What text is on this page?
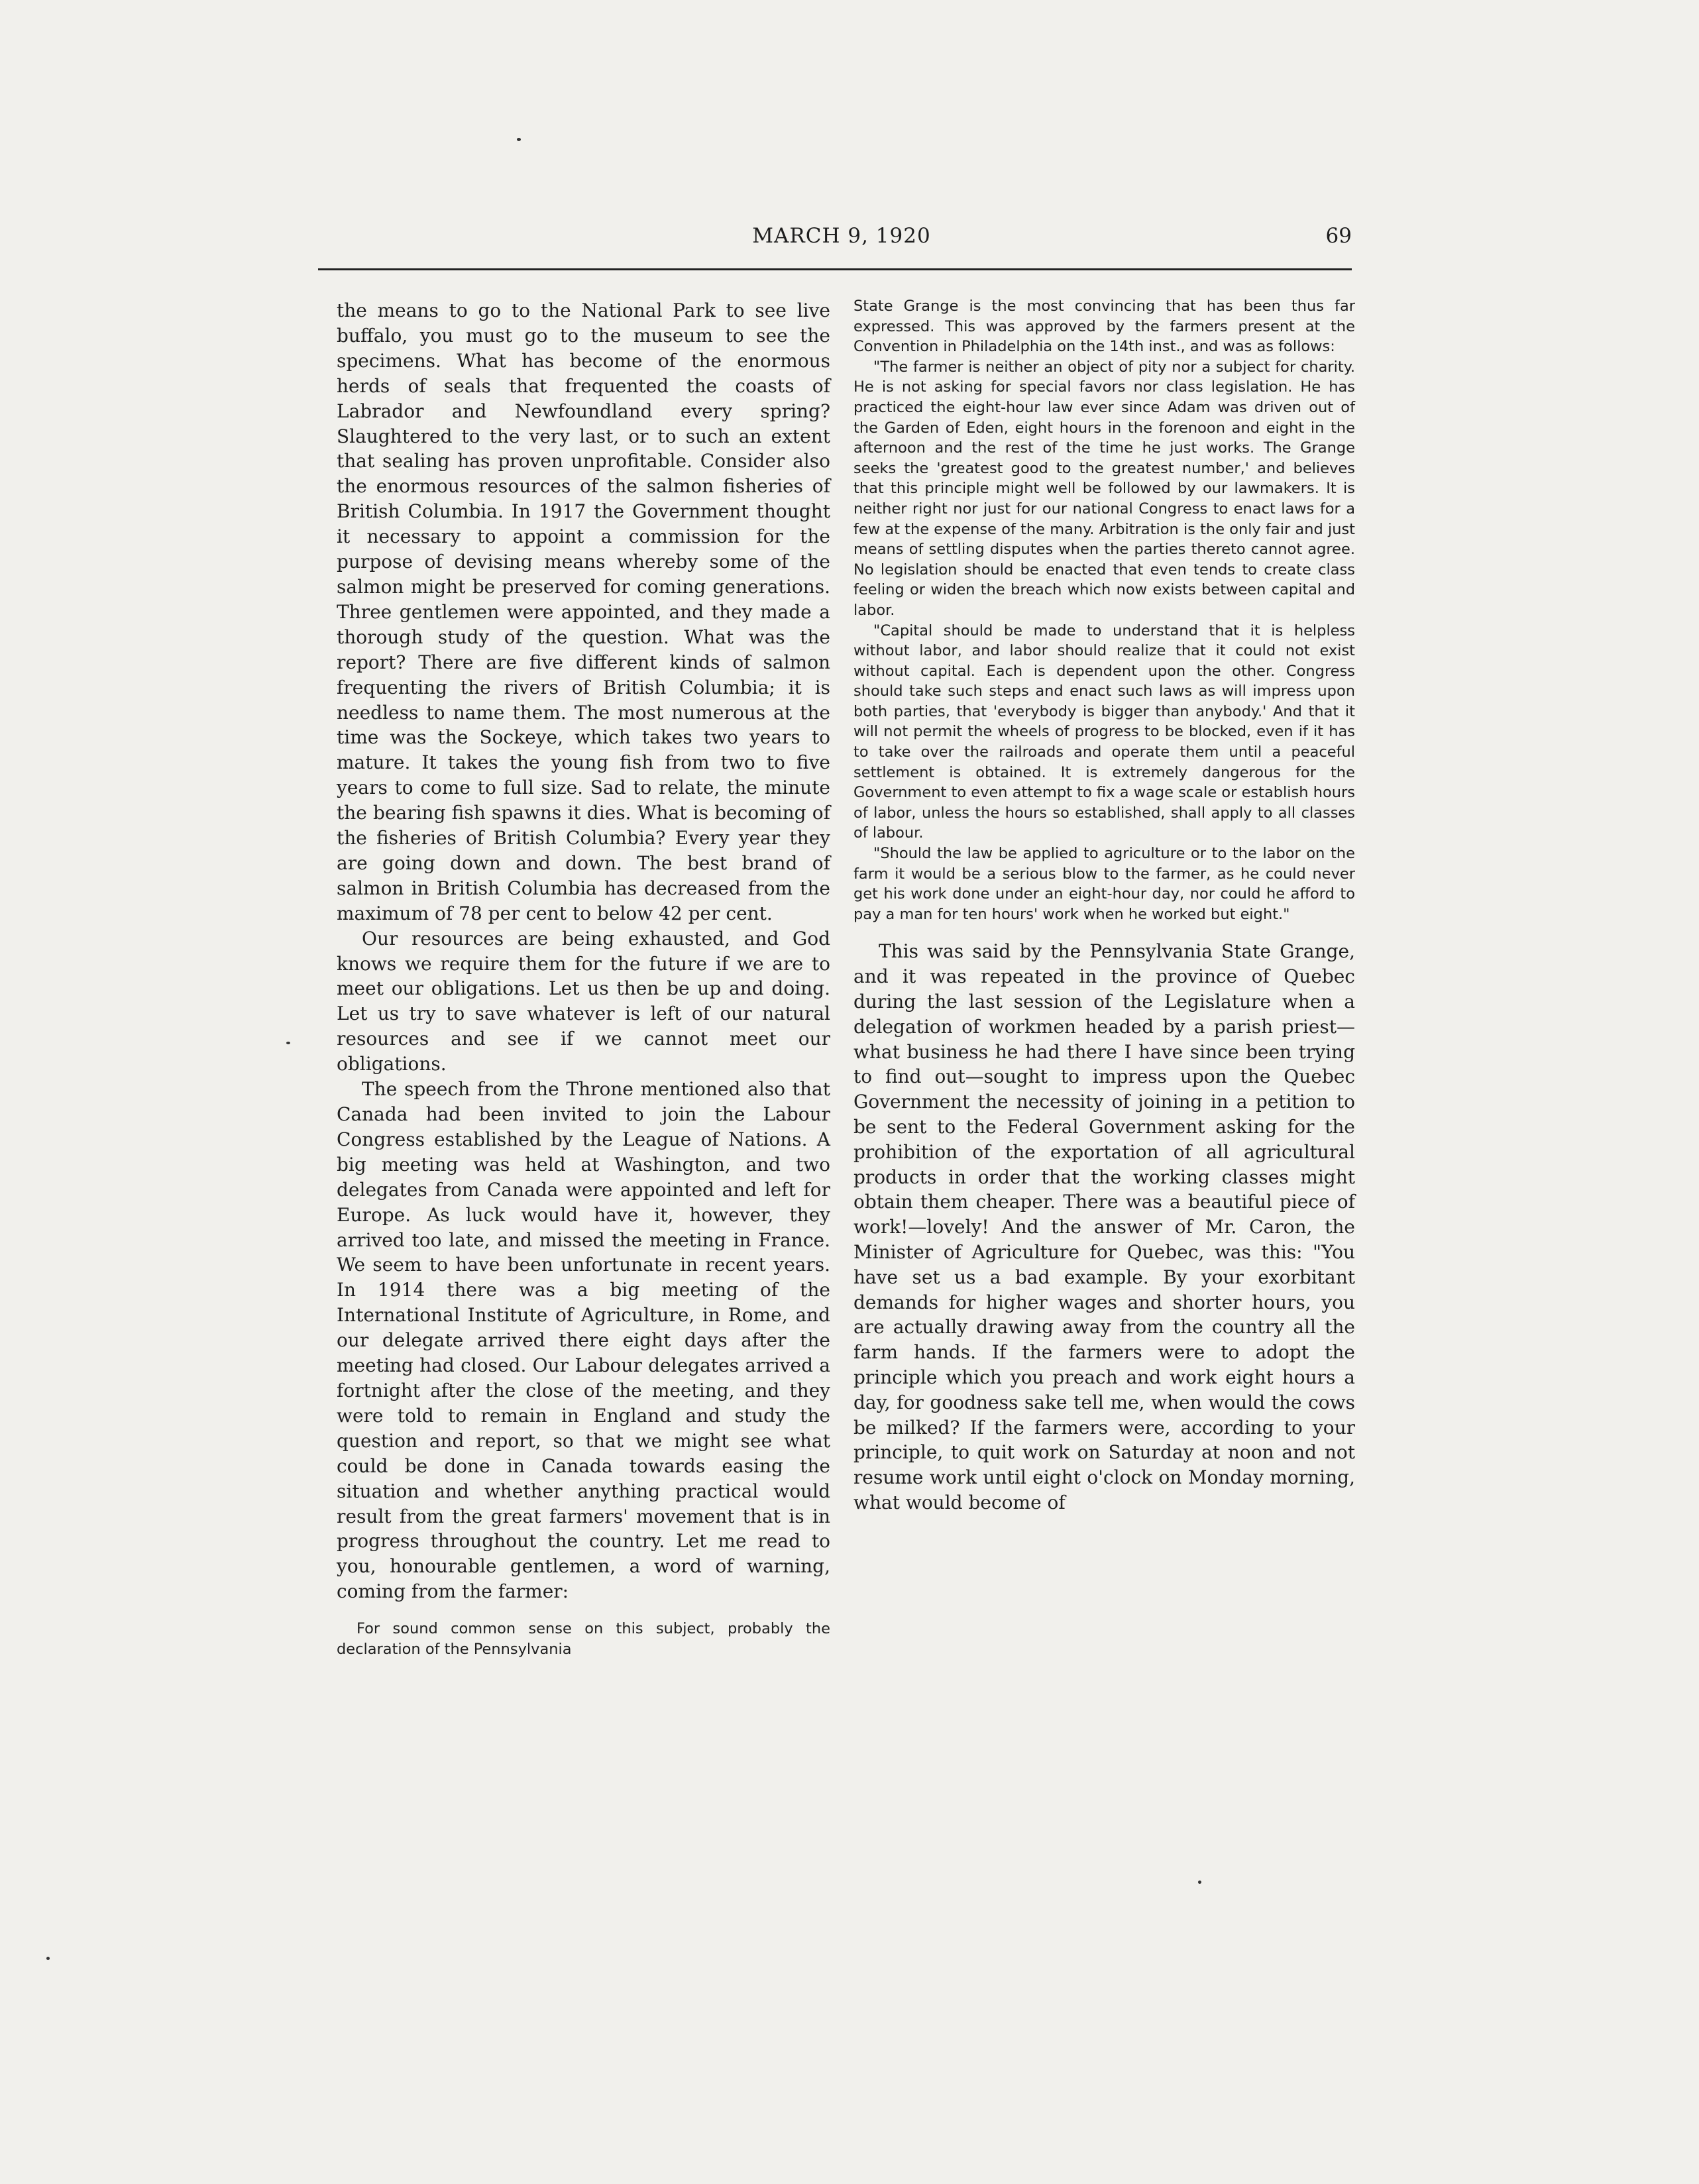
MARCH 9, 1920	69

the means to go to the National Park to see live buffalo, you must go to the museum to see the specimens. What has become of the enormous herds of seals that frequented the coasts of Labrador and Newfoundland every spring? Slaughtered to the very last, or to such an extent that sealing has proven unprofitable. Consider also the enormous resources of the salmon fisheries of British Columbia. In 1917 the Government thought it necessary to appoint a commission for the purpose of devising means whereby some of the salmon might be preserved for coming generations. Three gentlemen were appointed, and they made a thorough study of the question. What was the report? There are five different kinds of salmon frequenting the rivers of British Columbia; it is needless to name them. The most numerous at the time was the Sockeye, which takes two years to mature. It takes the young fish from two to five years to come to full size. Sad to relate, the minute the bearing fish spawns it dies. What is becoming of the fisheries of British Columbia? Every year they are going down and down. The best brand of salmon in British Columbia has decreased from the maximum of 78 per cent to below 42 per cent.

Our resources are being exhausted, and God knows we require them for the future if we are to meet our obligations. Let us then be up and doing. Let us try to save whatever is left of our natural resources and see if we cannot meet our obligations.

The speech from the Throne mentioned also that Canada had been invited to join the Labour Congress established by the League of Nations. A big meeting was held at Washington, and two delegates from Canada were appointed and left for Europe. As luck would have it, however, they arrived too late, and missed the meeting in France. We seem to have been unfortunate in recent years. In 1914 there was a big meeting of the International Institute of Agriculture, in Rome, and our delegate arrived there eight days after the meeting had closed. Our Labour delegates arrived a fortnight after the close of the meeting, and they were told to remain in England and study the question and report, so that we might see what could be done in Canada towards easing the situation and whether anything practical would result from the great farmers' movement that is in progress throughout the country. Let me read to you, honourable gentlemen, a word of warning, coming from the farmer:

For sound common sense on this subject, probably the declaration of the Pennsylvania

State Grange is the most convincing that has been thus far expressed. This was approved by the farmers present at the Convention in Philadelphia on the 14th inst., and was as follows:

"The farmer is neither an object of pity nor a subject for charity. He is not asking for special favors nor class legislation. He has practiced the eight-hour law ever since Adam was driven out of the Garden of Eden, eight hours in the forenoon and eight in the afternoon and the rest of the time he just works. The Grange seeks the 'greatest good to the greatest number,' and believes that this principle might well be followed by our lawmakers. It is neither right nor just for our national Congress to enact laws for a few at the expense of the many. Arbitration is the only fair and just means of settling disputes when the parties thereto cannot agree. No legislation should be enacted that even tends to create class feeling or widen the breach which now exists between capital and labor.

"Capital should be made to understand that it is helpless without labor, and labor should realize that it could not exist without capital. Each is dependent upon the other. Congress should take such steps and enact such laws as will impress upon both parties, that 'everybody is bigger than anybody.' And that it will not permit the wheels of progress to be blocked, even if it has to take over the railroads and operate them until a peaceful settlement is obtained. It is extremely dangerous for the Government to even attempt to fix a wage scale or establish hours of labor, unless the hours so established, shall apply to all classes of labour.

"Should the law be applied to agriculture or to the labor on the farm it would be a serious blow to the farmer, as he could never get his work done under an eight-hour day, nor could he afford to pay a man for ten hours' work when he worked but eight."

This was said by the Pennsylvania State Grange, and it was repeated in the province of Quebec during the last session of the Legislature when a delegation of workmen headed by a parish priest—what business he had there I have since been trying to find out—sought to impress upon the Quebec Government the necessity of joining in a petition to be sent to the Federal Government asking for the prohibition of the exportation of all agricultural products in order that the working classes might obtain them cheaper. There was a beautiful piece of work!—lovely! And the answer of Mr. Caron, the Minister of Agriculture for Quebec, was this: "You have set us a bad example. By your exorbitant demands for higher wages and shorter hours, you are actually drawing away from the country all the farm hands. If the farmers were to adopt the principle which you preach and work eight hours a day, for goodness sake tell me, when would the cows be milked? If the farmers were, according to your principle, to quit work on Saturday at noon and not resume work until eight o'clock on Monday morning, what would become of
